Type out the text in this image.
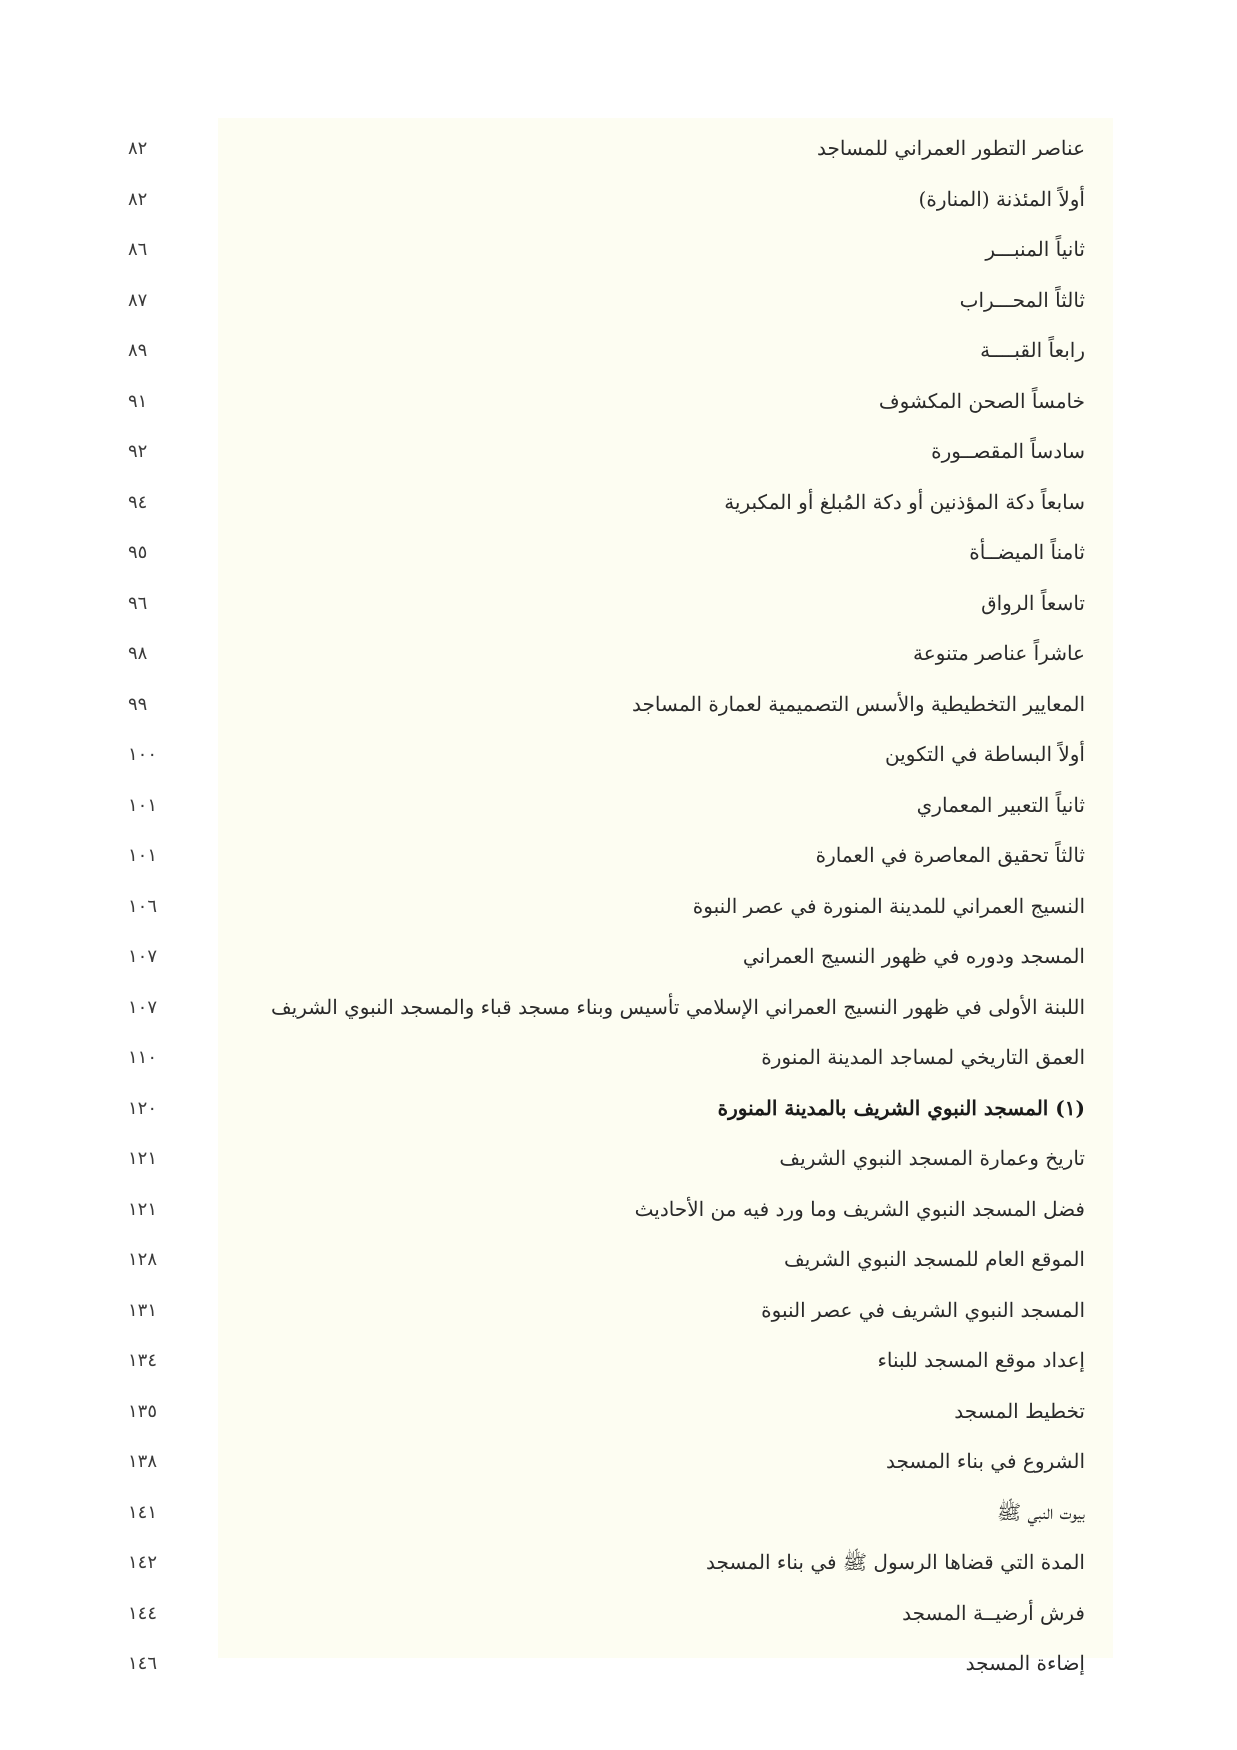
عناصر التطور العمراني للمساجد
٨٢
أولاً المئذنة (المنارة)
٨٢
ثانياً المنبـــر
٨٦
ثالثاً المحـــراب
٨٧
رابعاً القبــــة
٨٩
خامساً الصحن المكشوف
٩١
سادساً المقصــورة
٩٢
سابعاً دكة المؤذنين أو دكة المُبلغ أو المكبرية
٩٤
ثامناً الميضــأة
٩٥
تاسعاً الرواق
٩٦
عاشراً عناصر متنوعة
٩٨
المعايير التخطيطية والأسس التصميمية لعمارة المساجد
٩٩
أولاً البساطة في التكوين
١٠٠
ثانياً التعبير المعماري
١٠١
ثالثاً تحقيق المعاصرة في العمارة
١٠١
النسيج العمراني للمدينة المنورة في عصر النبوة
١٠٦
المسجد ودوره في ظهور النسيج العمراني
١٠٧
اللبنة الأولى في ظهور النسيج العمراني الإسلامي تأسيس وبناء مسجد قباء والمسجد النبوي الشريف
١٠٧
العمق التاريخي لمساجد المدينة المنورة
١١٠
(١) المسجد النبوي الشريف بالمدينة المنورة
١٢٠
تاريخ وعمارة المسجد النبوي الشريف
١٢١
فضل المسجد النبوي الشريف وما ورد فيه من الأحاديث
١٢١
الموقع العام للمسجد النبوي الشريف
١٢٨
المسجد النبوي الشريف في عصر النبوة
١٣١
إعداد موقع المسجد للبناء
١٣٤
تخطيط المسجد
١٣٥
الشروع في بناء المسجد
١٣٨
بيوت النبي ﷺ
١٤١
المدة التي قضاها الرسول ﷺ في بناء المسجد
١٤٢
فرش أرضيــة المسجد
١٤٤
إضاءة المسجد
١٤٦
